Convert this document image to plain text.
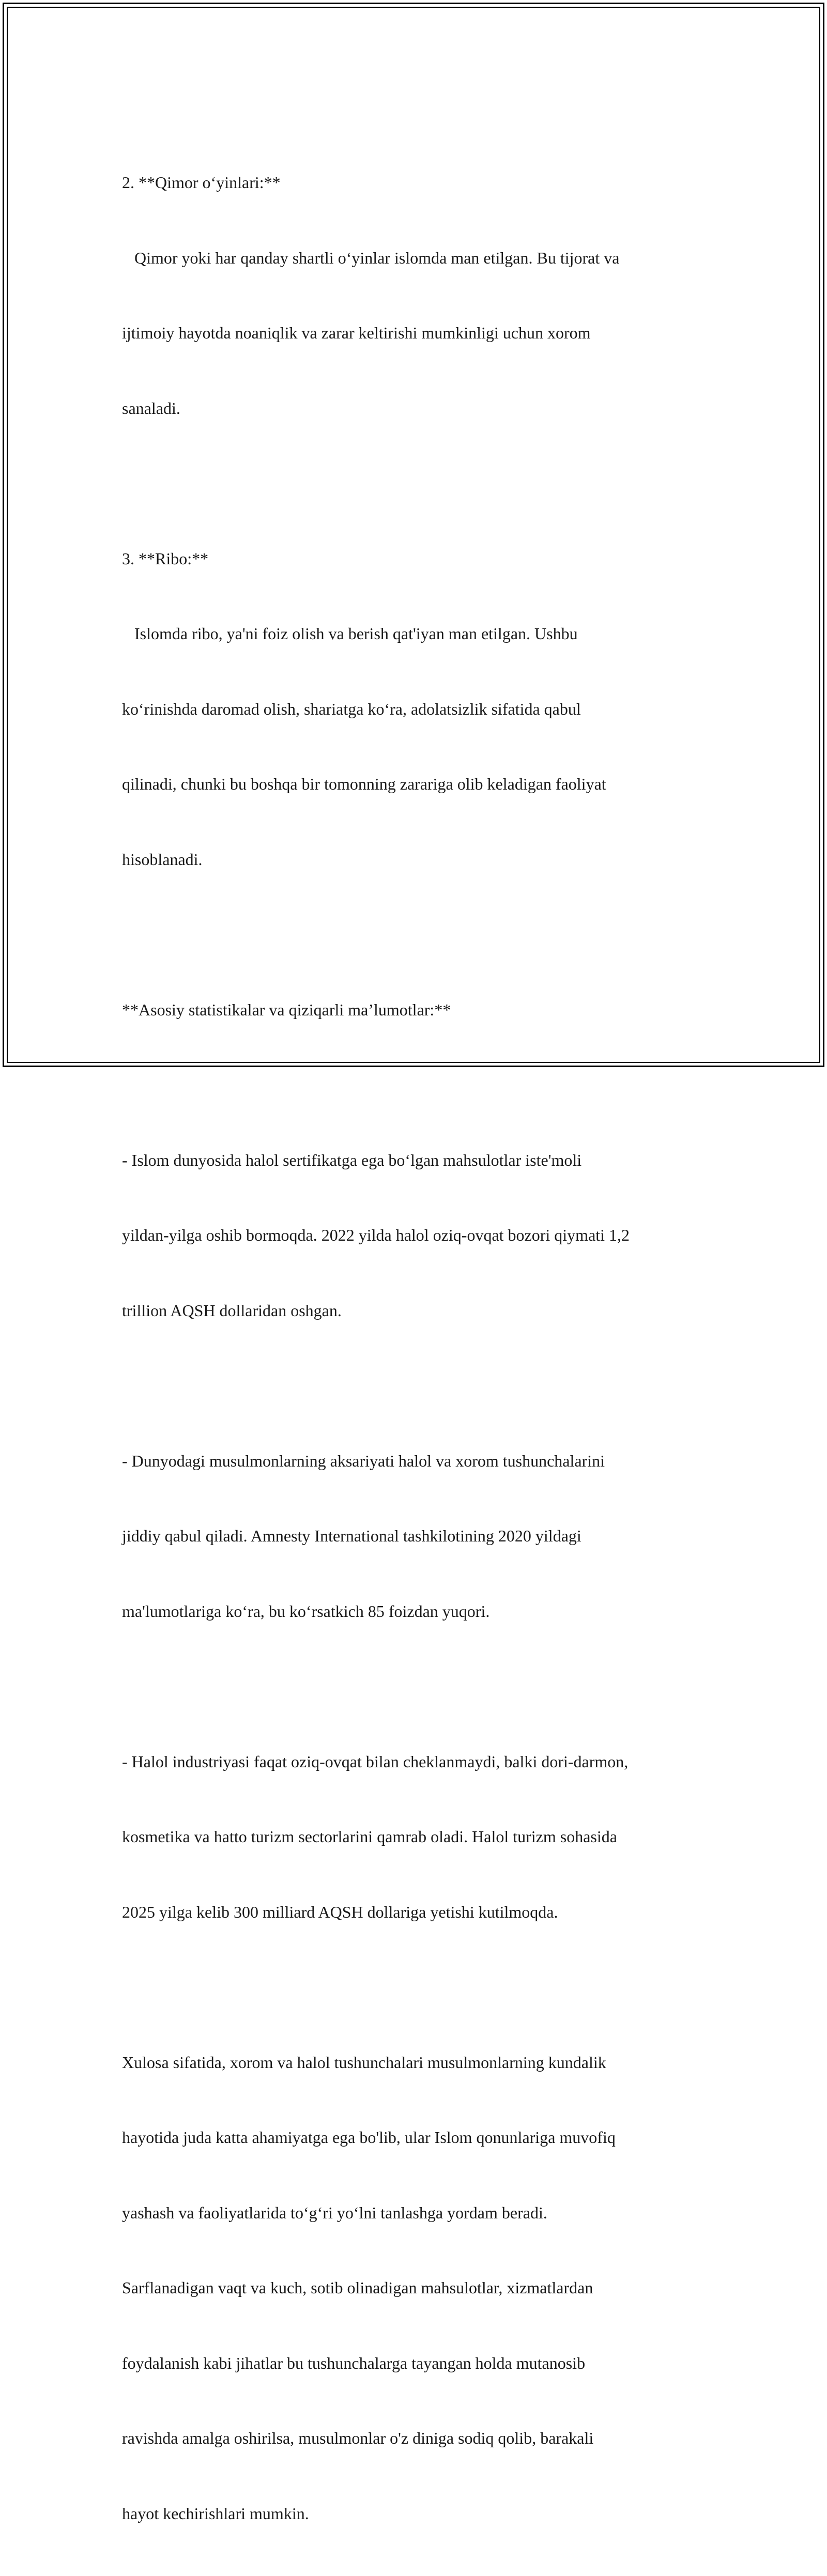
2. **Qimor o‘yinlari:**

Qimor yoki har qanday shartli o‘yinlar islomda man etilgan. Bu tijorat va

ijtimoiy hayotda noaniqlik va zarar keltirishi mumkinligi uchun xorom

sanaladi.

3. **Ribo:**

Islomda ribo, ya'ni foiz olish va berish qat'iyan man etilgan. Ushbu

ko‘rinishda daromad olish, shariatga ko‘ra, adolatsizlik sifatida qabul

qilinadi, chunki bu boshqa bir tomonning zarariga olib keladigan faoliyat

hisoblanadi.

**Asosiy statistikalar va qiziqarli ma’lumotlar:**

- Islom dunyosida halol sertifikatga ega bo‘lgan mahsulotlar iste'moli

yildan-yilga oshib bormoqda. 2022 yilda halol oziq-ovqat bozori qiymati 1,2

trillion AQSH dollaridan oshgan.

- Dunyodagi musulmonlarning aksariyati halol va xorom tushunchalarini

jiddiy qabul qiladi. Amnesty International tashkilotining 2020 yildagi

ma'lumotlariga ko‘ra, bu ko‘rsatkich 85 foizdan yuqori.

- Halol industriyasi faqat oziq-ovqat bilan cheklanmaydi, balki dori-darmon,

kosmetika va hatto turizm sectorlarini qamrab oladi. Halol turizm sohasida

2025 yilga kelib 300 milliard AQSH dollariga yetishi kutilmoqda.

Xulosa sifatida, xorom va halol tushunchalari musulmonlarning kundalik

hayotida juda katta ahamiyatga ega bo'lib, ular Islom qonunlariga muvofiq

yashash va faoliyatlarida to‘g‘ri yo‘lni tanlashga yordam beradi.

Sarflanadigan vaqt va kuch, sotib olinadigan mahsulotlar, xizmatlardan

foydalanish kabi jihatlar bu tushunchalarga tayangan holda mutanosib

ravishda amalga oshirilsa, musulmonlar o'z diniga sodiq qolib, barakali

hayot kechirishlari mumkin.
